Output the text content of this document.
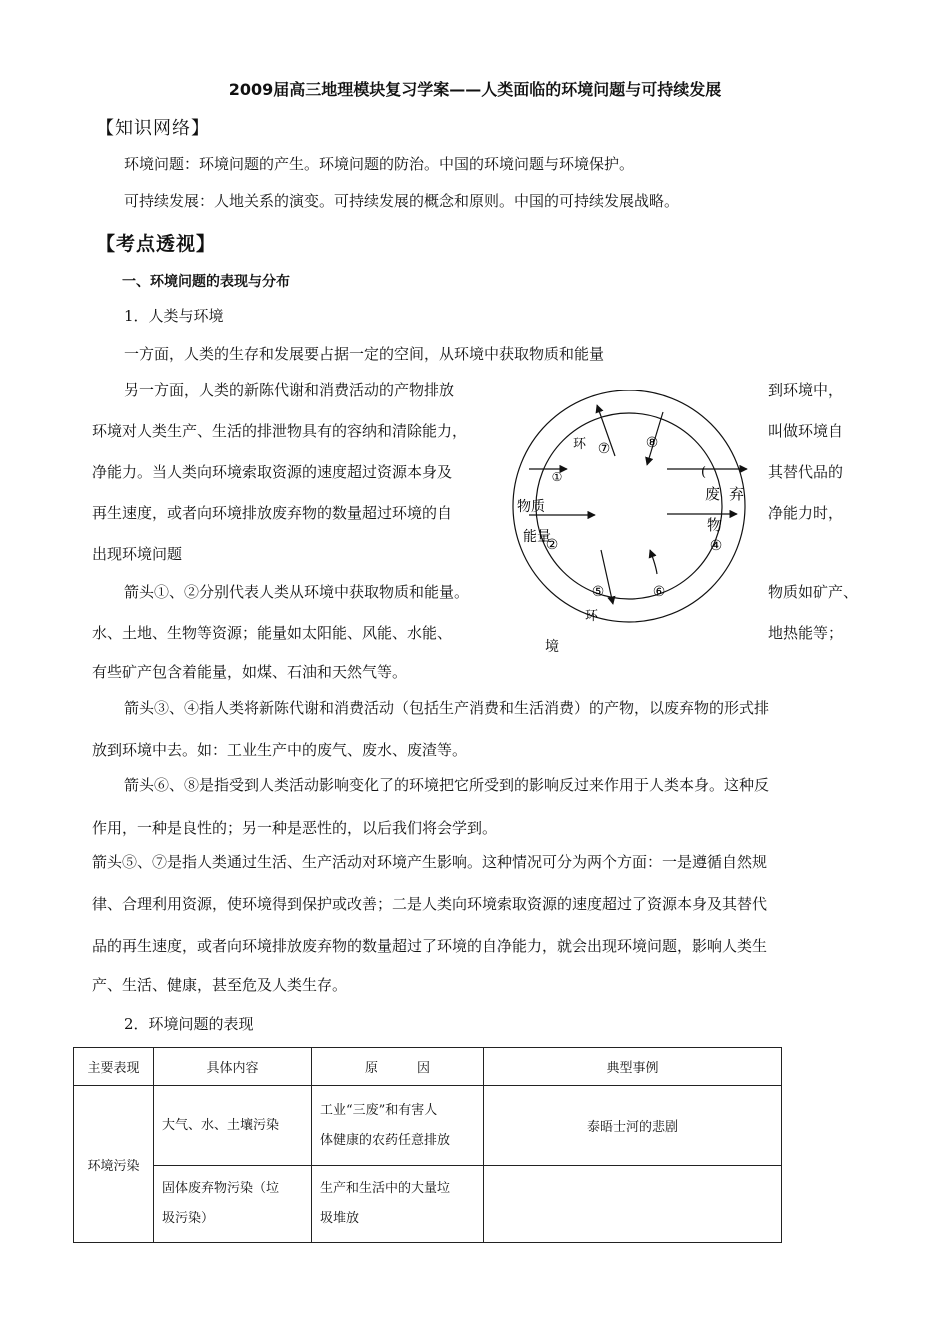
2009届高三地理模块复习学案——人类面临的环境问题与可持续发展
【知识网络】
环境问题：环境问题的产生。环境问题的防治。中国的环境问题与环境保护。
可持续发展：人地关系的演变。可持续发展的概念和原则。中国的可持续发展战略。
【考点透视】
一、环境问题的表现与分布
1．人类与环境
一方面，人类的生存和发展要占据一定的空间，从环境中获取物质和能量
另一方面，人类的新陈代谢和消费活动的产物排放	到环境中，
环境对人类生产、生活的排泄物具有的容纳和清除能力，	叫做环境自
净能力。当人类向环境索取资源的速度超过资源本身及	其替代品的
再生速度，或者向环境排放废弃物的数量超过环境的自	净能力时，
出现环境问题
箭头①、②分别代表人类从环境中获取物质和能量。	物质如矿产、
水、土地、生物等资源；能量如太阳能、风能、水能、	地热能等；
有些矿产包含着能量，如煤、石油和天然气等。
环 ⑦	⑧
①
物质
能量
②
(
废 弃
物
④
⑤	⑥
环
境
箭头③、④指人类将新陈代谢和消费活动（包括生产消费和生活消费）的产物，以废弃物的形式排
放到环境中去。如：工业生产中的废气、废水、废渣等。
箭头⑥、⑧是指受到人类活动影响变化了的环境把它所受到的影响反过来作用于人类本身。这种反
作用，一种是良性的；另一种是恶性的，以后我们将会学到。
箭头⑤、⑦是指人类通过生活、生产活动对环境产生影响。这种情况可分为两个方面：一是遵循自然规
律、合理利用资源，使环境得到保护或改善；二是人类向环境索取资源的速度超过了资源本身及其替代
品的再生速度，或者向环境排放废弃物的数量超过了环境的自净能力，就会出现环境问题，影响人类生
产、生活、健康，甚至危及人类生存。
2．环境问题的表现
主要表现	具体内容	原　　　因	典型事例
环境污染	大气、水、土壤污染	工业“三废”和有害人
体健康的农药任意排放	泰晤士河的悲剧

	固体废弃物污染（垃
圾污染）	生产和生活中的大量垃
圾堆放	
